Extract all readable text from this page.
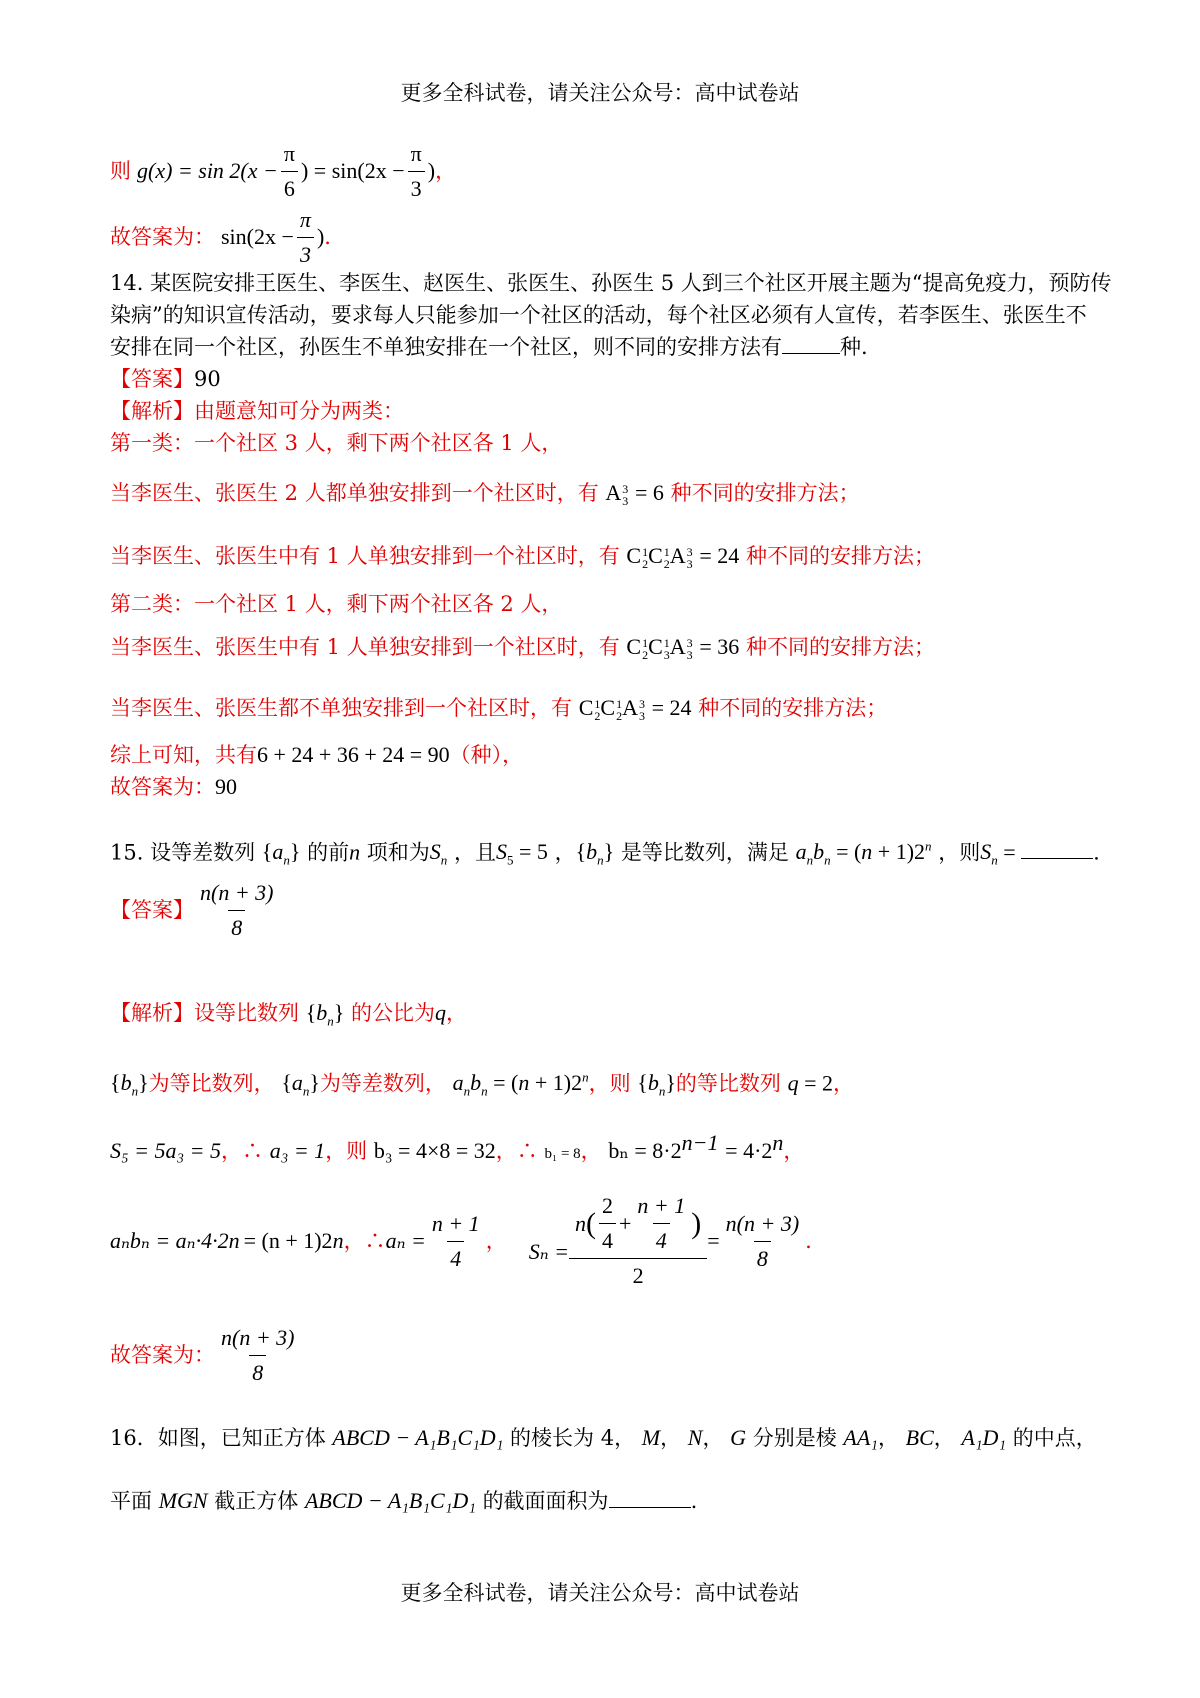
更多全科试卷，请关注公众号：高中试卷站
则 $g(x) = \sin 2(x - \frac{\pi}{6}$ ) = $\sin(2x - \frac{\pi}{3}$ ) ，
故答案为： $\sin(2x - \frac{\pi}{3}$ ) .
14. 某医院安排王医生、李医生、赵医生、张医生、孙医生 5 人到三个社区开展主题为“提高免疫力，预防传
染病”的知识宣传活动，要求每人只能参加一个社区的活动，每个社区必须有人宣传，若李医生、张医生不
安排在同一个社区，孙医生不单独安排在一个社区，则不同的安排方法有	种.
【答案】90
【解析】由题意知可分为两类：
第一类：一个社区 3 人，剩下两个社区各 1 人，
当李医生、张医生 2 人都单独安排到一个社区时，有 A 3
3 = 6 种不同的安排方法；
当李医生、张医生中有 1 人单独安排到一个社区时，有 C 1
2 C 1
2 A 3
3 = 24 种不同的安排方法；
第二类：一个社区 1 人，剩下两个社区各 2 人，
当李医生、张医生中有 1 人单独安排到一个社区时，有 C 1
2 C 1
3 A 3
3 = 36 种不同的安排方法；
当李医生、张医生都不单独安排到一个社区时，有 C 1
2 C 1
2 A 3
3 = 24 种不同的安排方法；
综上可知，共有6 + 24 + 36 + 24 = 90（种），
故答案为：90
15. 设等差数列 $\{a_n\}$ 的前n 项和为$S_n$ ，且$S_5 = 5$ ，$\{b_n\}$ 是等比数列，满足 $a_nb_n = (n + 1)2^n$ ，则$S_n$ =	.
【答案】 $\frac{n(n + 3)}{8}$
【解析】设等比数列 $\{b_n\}$ 的公比为q，
$\{b_n\}$为等比数列， $\{a_n\}$为等差数列， $a_nb_n = (n + 1)2^n$，则 $\{b_n\}$的等比数列 q = 2，
S₅ = 5a₃ = 5，∴ a₃ = 1，则 b₃ = 4×8 = 32，∴ b₁ = 8， $b_n = 8\cdot 2^{n-1} = 4\cdot 2^n$，
aₙbₙ = aₙ·4·2 n = (n + 1)2 n ，∴ $a_n = \frac{n + 1}{4}$ ， $S_n = \frac{n ( \frac{2}{4} + \frac{n + 1}{4} )}{2} = \frac{n(n + 3)}{8}$ .
故答案为： $\frac{n(n + 3)}{8}$
16．如图，已知正方体 ABCD − A₁B₁C₁D₁ 的棱长为 4， M， N， G 分别是棱 AA₁， BC， A₁D₁ 的中点，
平面 MGN 截正方体 ABCD − A₁B₁C₁D₁ 的截面面积为	.
更多全科试卷，请关注公众号：高中试卷站
